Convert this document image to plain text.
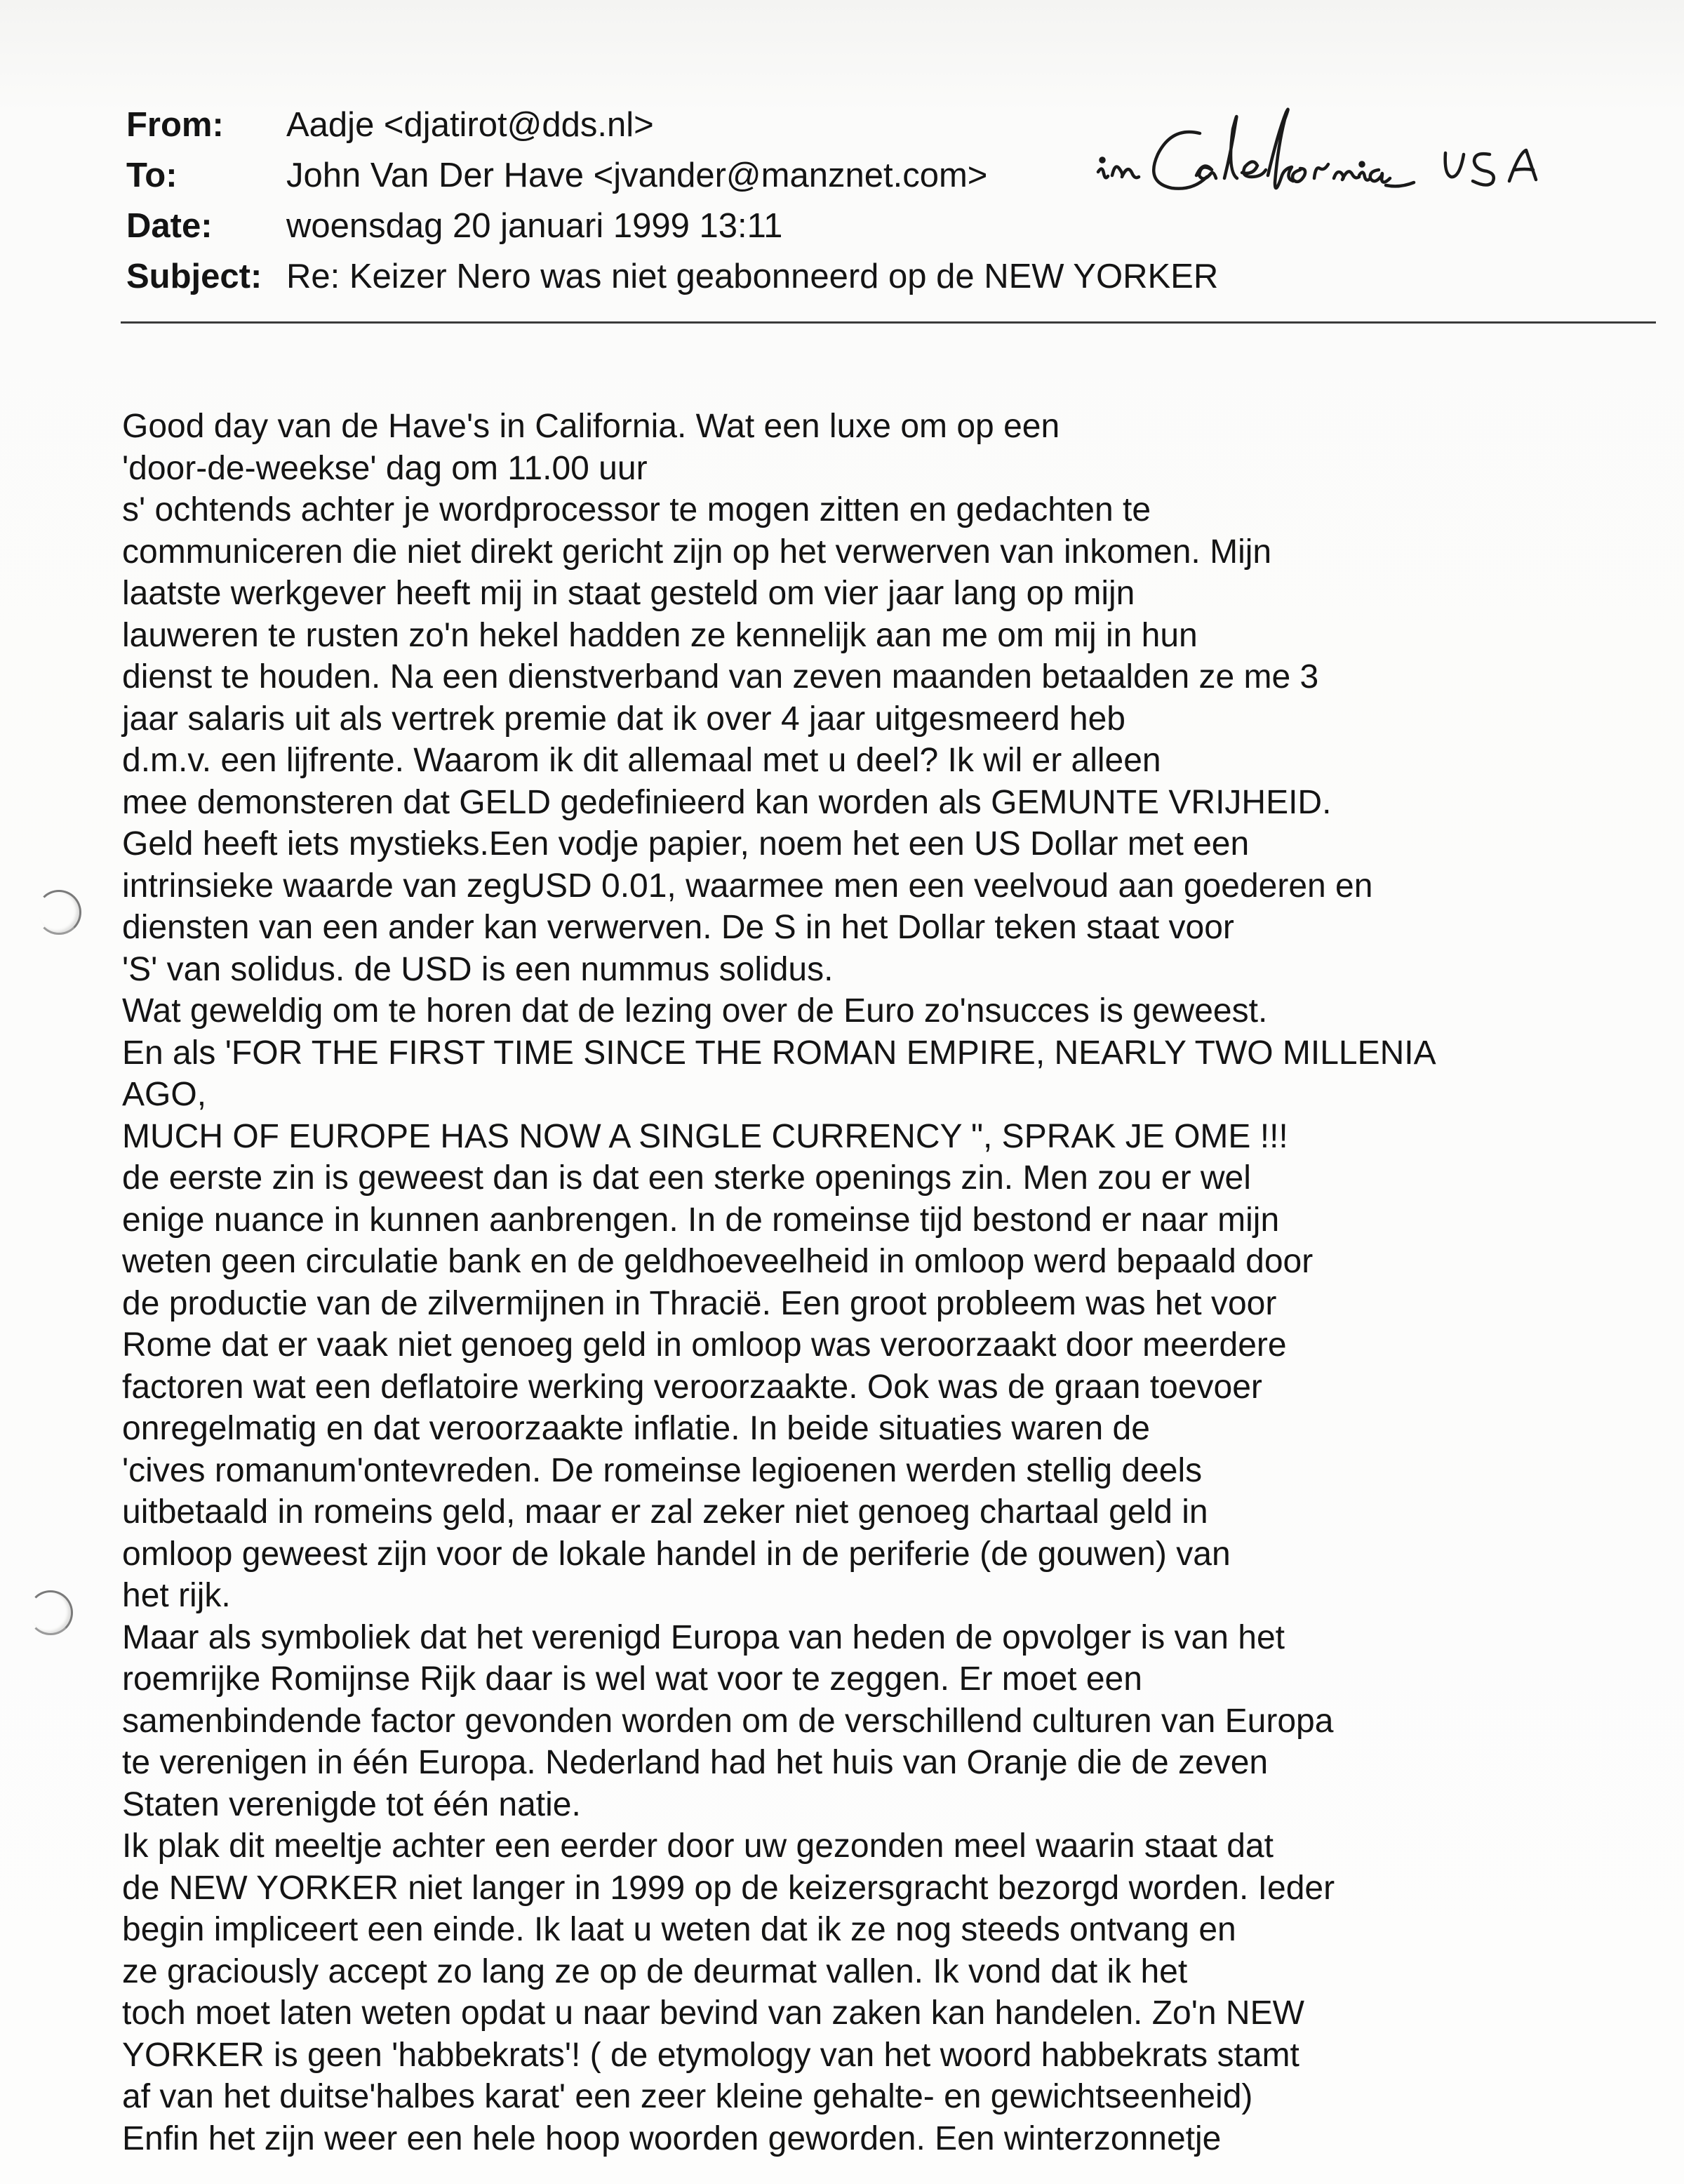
From: Aadje <djatirot@dds.nl>
To:	John Van Der Have <jvander@manznet.com>
Date: woensdag 20 januari 1999 13:11
Subject: Re: Keizer Nero was niet geabonneerd op de NEW YORKER
Good day van de Have's in California. Wat een luxe om op een
'door-de-weekse' dag om 11.00 uur
s' ochtends achter je wordprocessor te mogen zitten en gedachten te
communiceren die niet direkt gericht zijn op het verwerven van inkomen. Mijn
laatste werkgever heeft mij in staat gesteld om vier jaar lang op mijn
lauweren te rusten zo'n hekel hadden ze kennelijk aan me om mij in hun
dienst te houden. Na een dienstverband van zeven maanden betaalden ze me 3
jaar salaris uit als vertrek premie dat ik over 4 jaar uitgesmeerd heb
d.m.v. een lijfrente. Waarom ik dit allemaal met u deel? Ik wil er alleen
mee demonsteren dat GELD gedefinieerd kan worden als GEMUNTE VRIJHEID.
Geld heeft iets mystieks.Een vodje papier, noem het een US Dollar met een
intrinsieke waarde van zegUSD 0.01, waarmee men een veelvoud aan goederen en
diensten van een ander kan verwerven. De S in het Dollar teken staat voor
'S' van solidus. de USD is een nummus solidus.
Wat geweldig om te horen dat de lezing over de Euro zo'nsucces is geweest.
En als 'FOR THE FIRST TIME SINCE THE ROMAN EMPIRE, NEARLY TWO MILLENIA
AGO,
MUCH OF EUROPE HAS NOW A SINGLE CURRENCY ", SPRAK JE OME !!!
de eerste zin is geweest dan is dat een sterke openings zin. Men zou er wel
enige nuance in kunnen aanbrengen. In de romeinse tijd bestond er naar mijn
weten geen circulatie bank en de geldhoeveelheid in omloop werd bepaald door
de productie van de zilvermijnen in Thracië. Een groot probleem was het voor
Rome dat er vaak niet genoeg geld in omloop was veroorzaakt door meerdere
factoren wat een deflatoire werking veroorzaakte. Ook was de graan toevoer
onregelmatig en dat veroorzaakte inflatie. In beide situaties waren de
'cives romanum'ontevreden. De romeinse legioenen werden stellig deels
uitbetaald in romeins geld, maar er zal zeker niet genoeg chartaal geld in
omloop geweest zijn voor de lokale handel in de periferie (de gouwen) van
het rijk.
Maar als symboliek dat het verenigd Europa van heden de opvolger is van het
roemrijke Romijnse Rijk daar is wel wat voor te zeggen. Er moet een
samenbindende factor gevonden worden om de verschillend culturen van Europa
te verenigen in één Europa. Nederland had het huis van Oranje die de zeven
Staten verenigde tot één natie.
Ik plak dit meeltje achter een eerder door uw gezonden meel waarin staat dat
de NEW YORKER niet langer in 1999 op de keizersgracht bezorgd worden. Ieder
begin impliceert een einde. Ik laat u weten dat ik ze nog steeds ontvang en
ze graciously accept zo lang ze op de deurmat vallen. Ik vond dat ik het
toch moet laten weten opdat u naar bevind van zaken kan handelen. Zo'n NEW
YORKER is geen 'habbekrats'! ( de etymology van het woord habbekrats stamt
af van het duitse'halbes karat' een zeer kleine gehalte- en gewichtseenheid)
Enfin het zijn weer een hele hoop woorden geworden. Een winterzonnetje
